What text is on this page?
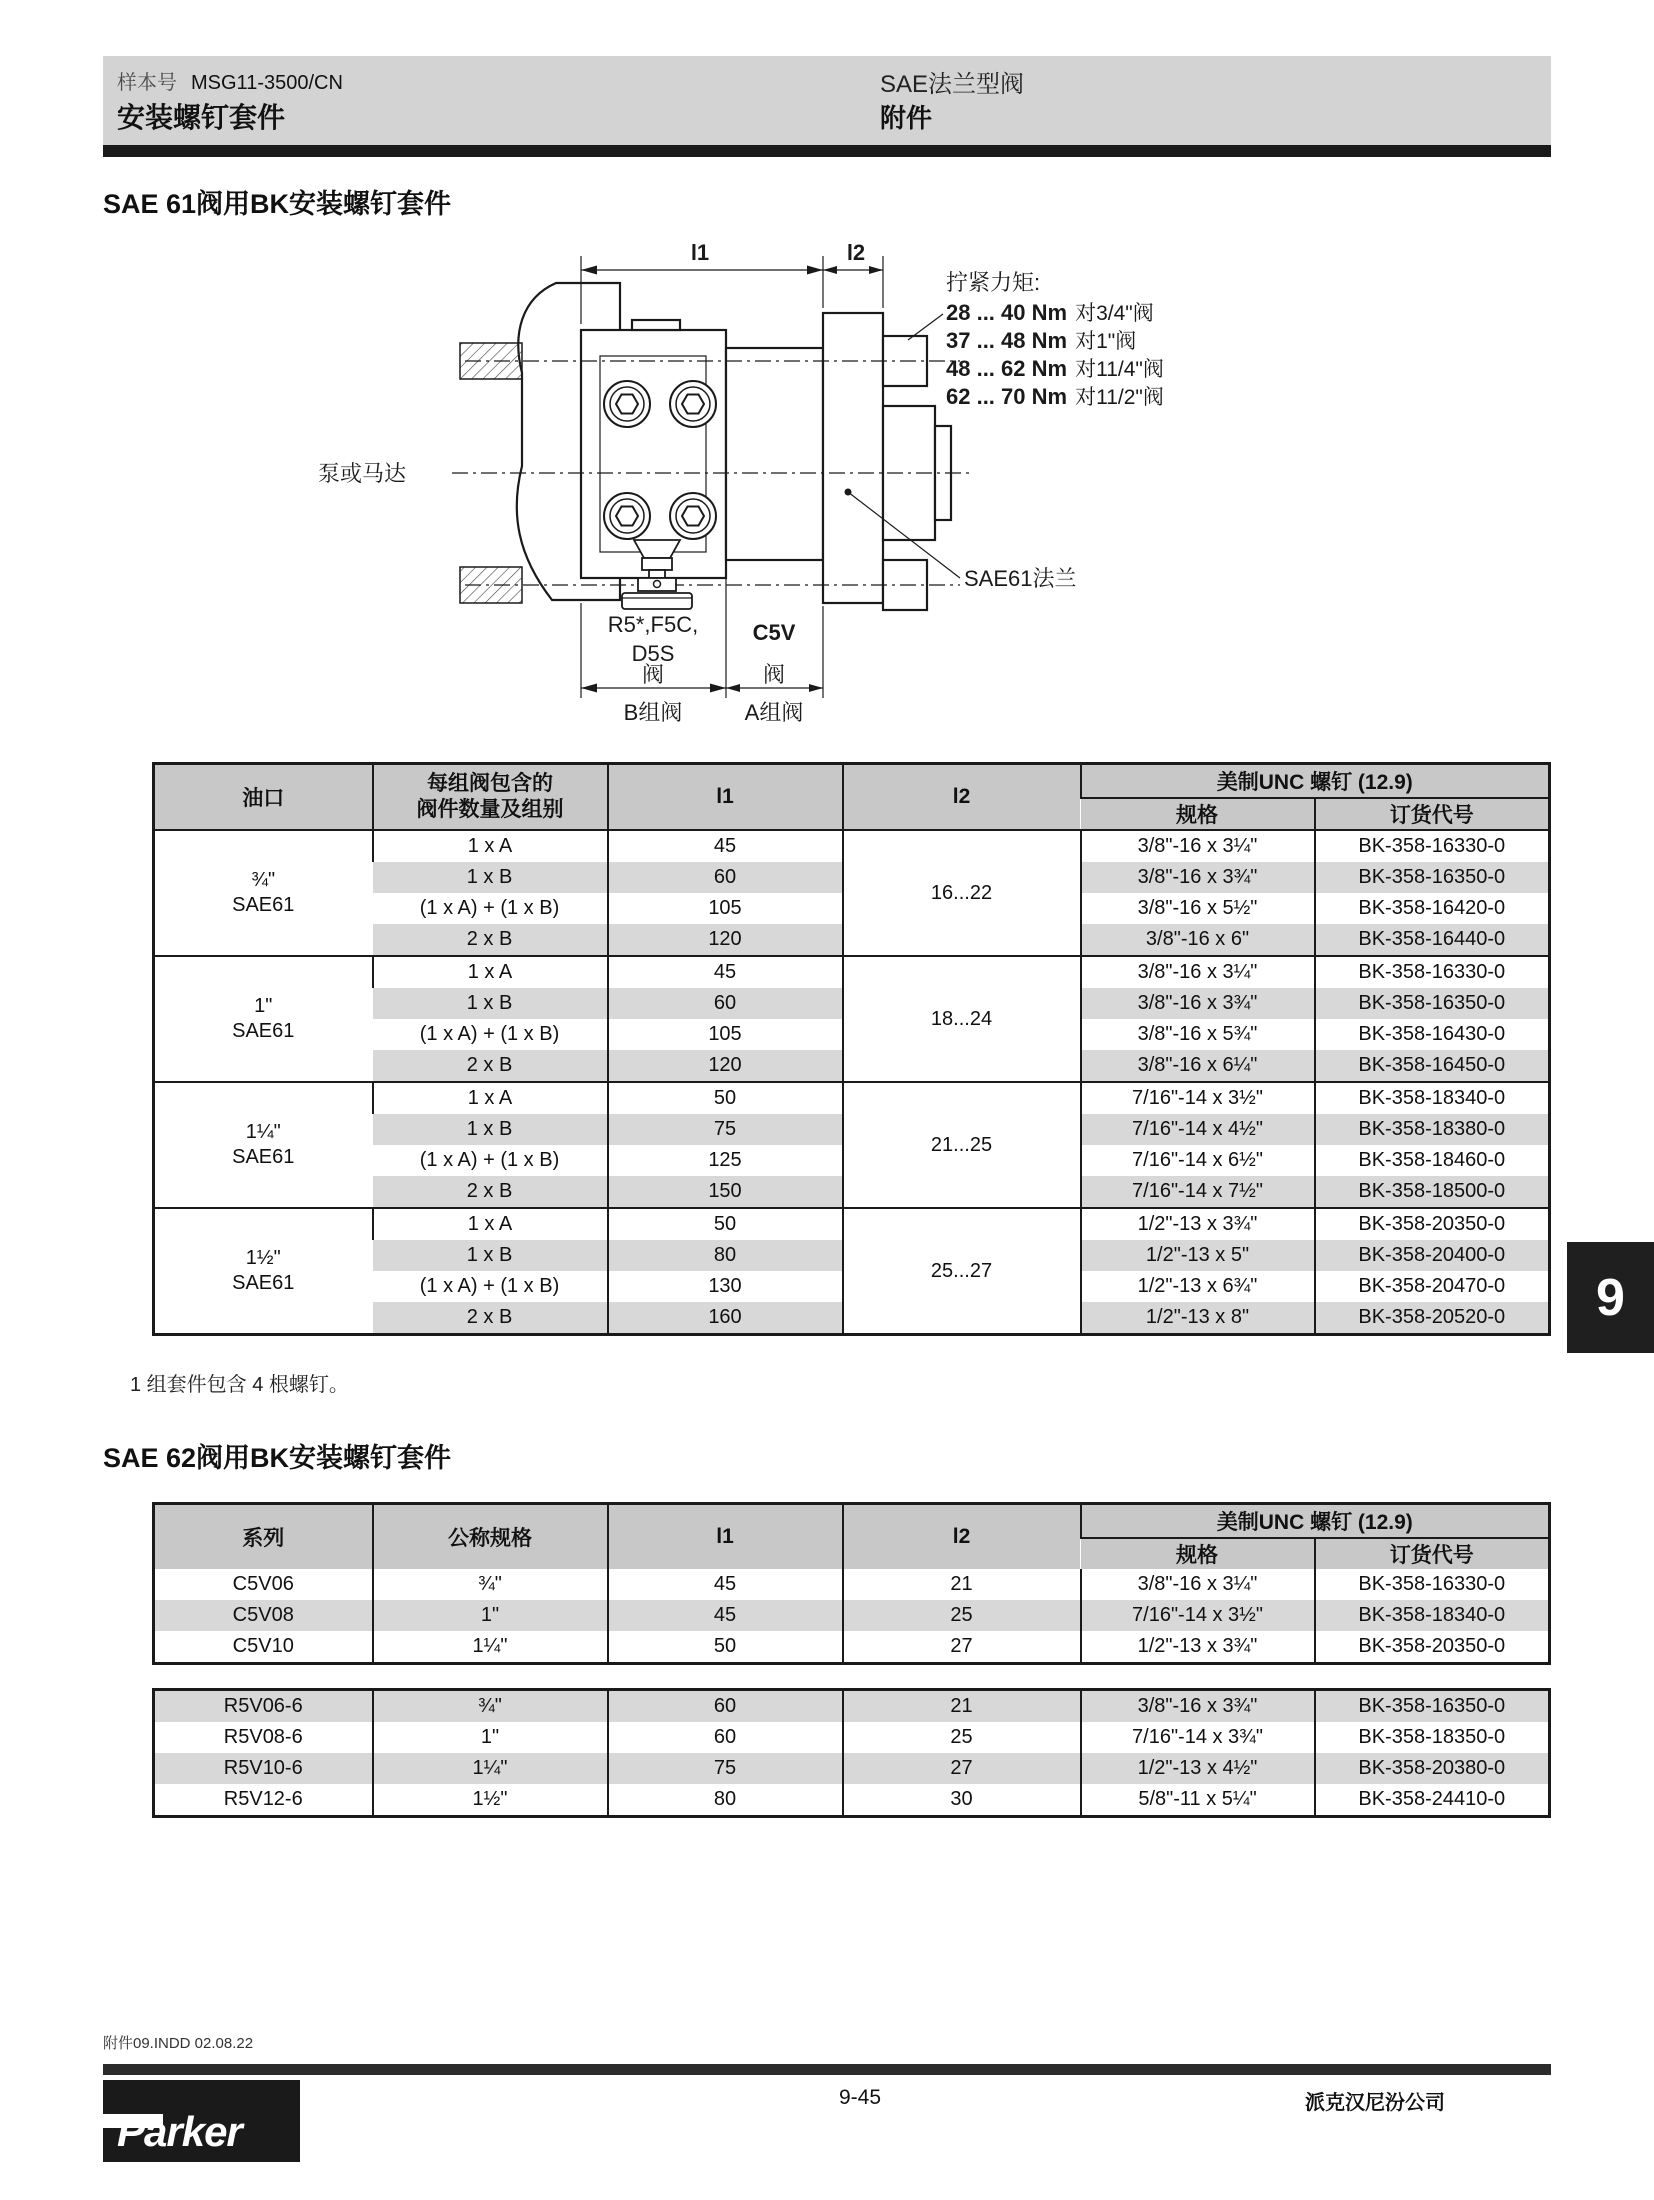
样本号 MSG11-3500/CN
安装螺钉套件
SAE法兰型阀
附件
SAE 61阀用BK安装螺钉套件
l1	l2
R5*,F5C,
D5S
阀
C5V
阀
B组阀	A组阀
泵或马达
拧紧力矩:
28 ... 40 Nm 对3/4"阀
37 ... 48 Nm 对1"阀
48 ... 62 Nm 对11/4"阀
62 ... 70 Nm 对11/2"阀
SAE61法兰
油口	每组阀包含的
阀件数量及组别	l1	l2	美制UNC 螺钉 (12.9)	
				规格	订货代号
¾"
SAE61	1 x A	45	16...22	3/8"-16 x 3¼"	BK-358-16330-0
	1 x B	60		3/8"-16 x 3¾"	BK-358-16350-0
	(1 x A) + (1 x B)	105		3/8"-16 x 5½"	BK-358-16420-0
	2 x B	120		3/8"-16 x 6"	BK-358-16440-0
1"
SAE61	1 x A	45	18...24	3/8"-16 x 3¼"	BK-358-16330-0
	1 x B	60		3/8"-16 x 3¾"	BK-358-16350-0
	(1 x A) + (1 x B)	105		3/8"-16 x 5¾"	BK-358-16430-0
	2 x B	120		3/8"-16 x 6¼"	BK-358-16450-0
1¼"
SAE61	1 x A	50	21...25	7/16"-14 x 3½"	BK-358-18340-0
	1 x B	75		7/16"-14 x 4½"	BK-358-18380-0
	(1 x A) + (1 x B)	125		7/16"-14 x 6½"	BK-358-18460-0
	2 x B	150		7/16"-14 x 7½"	BK-358-18500-0
1½"
SAE61	1 x A	50	25...27	1/2"-13 x 3¾"	BK-358-20350-0
	1 x B	80		1/2"-13 x 5"	BK-358-20400-0
	(1 x A) + (1 x B)	130		1/2"-13 x 6¾"	BK-358-20470-0
	2 x B	160		1/2"-13 x 8"	BK-358-20520-0
1 组套件包含 4 根螺钉。
SAE 62阀用BK安装螺钉套件
系列	公称规格	l1	l2	美制UNC 螺钉 (12.9)	
				规格	订货代号
C5V06	¾"	45	21	3/8"-16 x 3¼"	BK-358-16330-0
C5V08	1"	45	25	7/16"-14 x 3½"	BK-358-18340-0
C5V10	1¼"	50	27	1/2"-13 x 3¾"	BK-358-20350-0
R5V06-6	¾"	60	21	3/8"-16 x 3¾"	BK-358-16350-0
R5V08-6	1"	60	25	7/16"-14 x 3¾"	BK-358-18350-0
R5V10-6	1¼"	75	27	1/2"-13 x 4½"	BK-358-20380-0
R5V12-6	1½"	80	30	5/8"-11 x 5¼"	BK-358-24410-0
9
附件09.INDD 02.08.22
9-45	派克汉尼汾公司
Parker
